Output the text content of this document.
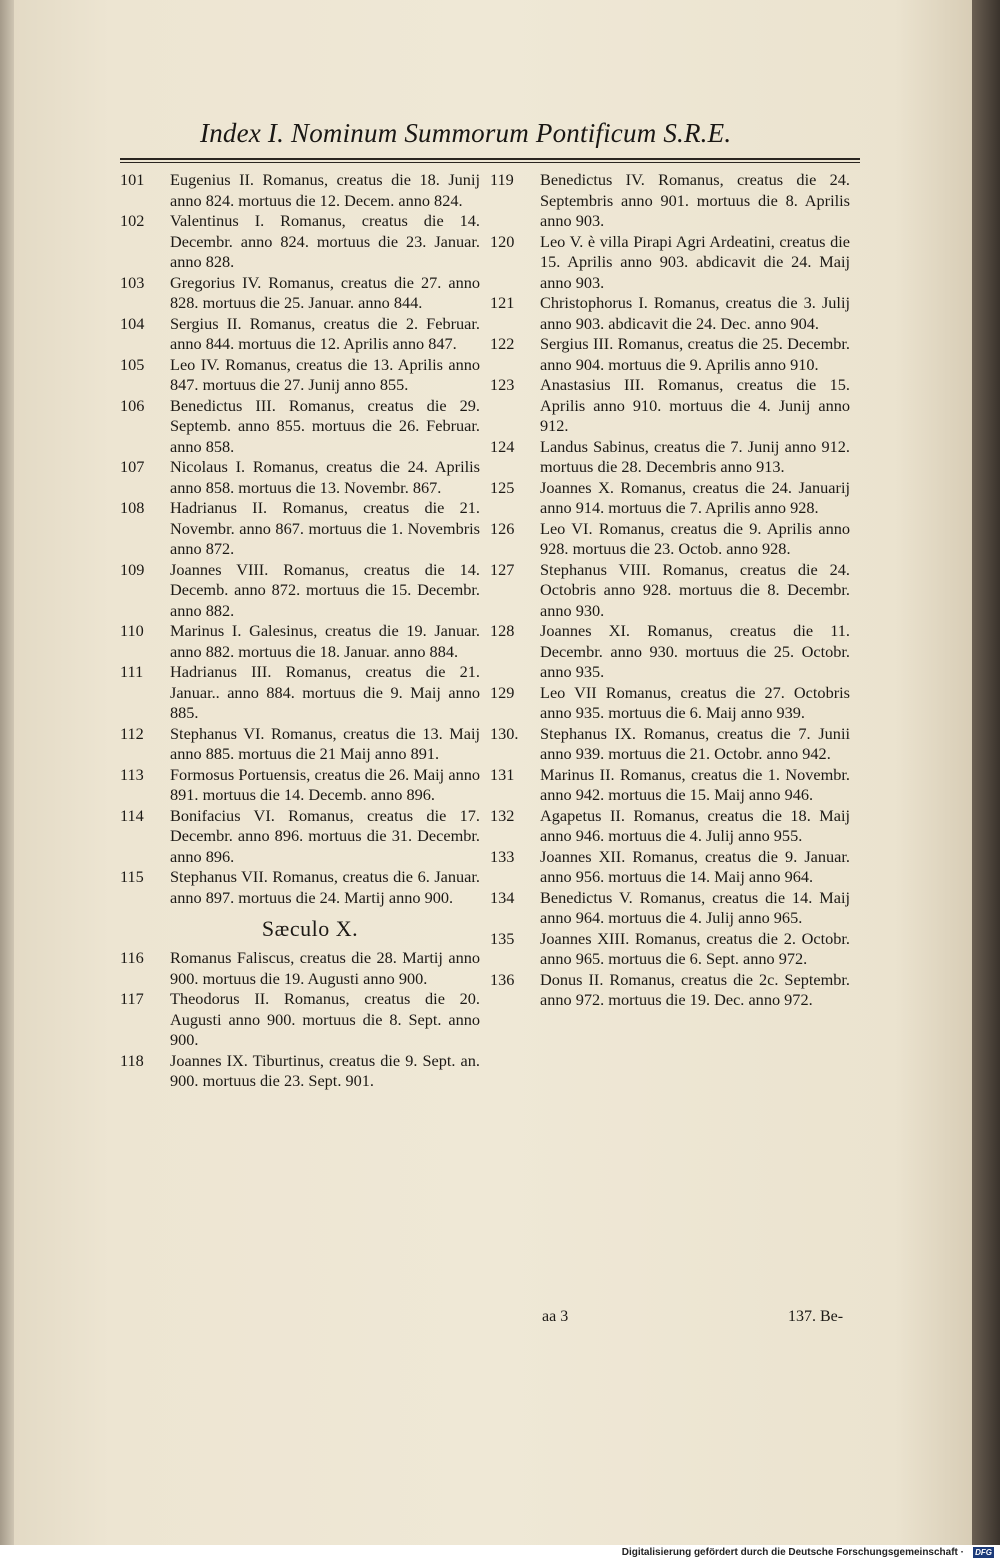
Index I. Nominum Summorum Pontificum S.R.E.
101	Eugenius II. Romanus, creatus die 18. Junij anno 824. mortuus die 12. Decem. anno 824.
102	Valentinus I. Romanus, creatus die 14. Decembr. anno 824. mortuus die 23. Januar. anno 828.
103	Gregorius IV. Romanus, creatus die 27. anno 828. mortuus die 25. Januar. anno 844.
104	Sergius II. Romanus, creatus die 2. Februar. anno 844. mortuus die 12. Aprilis anno 847.
105	Leo IV. Romanus, creatus die 13. Aprilis anno 847. mortuus die 27. Junij anno 855.
106	Benedictus III. Romanus, creatus die 29. Septemb. anno 855. mortuus die 26. Februar. anno 858.
107	Nicolaus I. Romanus, creatus die 24. Aprilis anno 858. mortuus die 13. Novembr. 867.
108	Hadrianus II. Romanus, creatus die 21. Novembr. anno 867. mortuus die 1. Novembris anno 872.
109	Joannes VIII. Romanus, creatus die 14. Decemb. anno 872. mortuus die 15. Decembr. anno 882.
110	Marinus I. Galesinus, creatus die 19. Januar. anno 882. mortuus die 18. Januar. anno 884.
111	Hadrianus III. Romanus, creatus die 21. Januar.. anno 884. mortuus die 9. Maij anno 885.
112	Stephanus VI. Romanus, creatus die 13. Maij anno 885. mortuus die 21 Maij anno 891.
113	Formosus Portuensis, creatus die 26. Maij anno 891. mortuus die 14. Decemb. anno 896.
114	Bonifacius VI. Romanus, creatus die 17. Decembr. anno 896. mortuus die 31. Decembr. anno 896.
115	Stephanus VII. Romanus, creatus die 6. Januar. anno 897. mortuus die 24. Martij anno 900.
Sæculo X.
116	Romanus Faliscus, creatus die 28. Martij anno 900. mortuus die 19. Augusti anno 900.
117	Theodorus II. Romanus, creatus die 20. Augusti anno 900. mortuus die 8. Sept. anno 900.
118	Joannes IX. Tiburtinus, creatus die 9. Sept. an. 900. mortuus die 23. Sept. 901.
119	Benedictus IV. Romanus, creatus die 24. Septembris anno 901. mortuus die 8. Aprilis anno 903.
120	Leo V. è villa Pirapi Agri Ardeatini, creatus die 15. Aprilis anno 903. abdicavit die 24. Maij anno 903.
121	Christophorus I. Romanus, creatus die 3. Julij anno 903. abdicavit die 24. Dec. anno 904.
122	Sergius III. Romanus, creatus die 25. Decembr. anno 904. mortuus die 9. Aprilis anno 910.
123	Anastasius III. Romanus, creatus die 15. Aprilis anno 910. mortuus die 4. Junij anno 912.
124	Landus Sabinus, creatus die 7. Junij anno 912. mortuus die 28. Decembris anno 913.
125	Joannes X. Romanus, creatus die 24. Januarij anno 914. mortuus die 7. Aprilis anno 928.
126	Leo VI. Romanus, creatus die 9. Aprilis anno 928. mortuus die 23. Octob. anno 928.
127	Stephanus VIII. Romanus, creatus die 24. Octobris anno 928. mortuus die 8. Decembr. anno 930.
128	Joannes XI. Romanus, creatus die 11. Decembr. anno 930. mortuus die 25. Octobr. anno 935.
129	Leo VII Romanus, creatus die 27. Octobris anno 935. mortuus die 6. Maij anno 939.
130.	Stephanus IX. Romanus, creatus die 7. Junii anno 939. mortuus die 21. Octobr. anno 942.
131	Marinus II. Romanus, creatus die 1. Novembr. anno 942. mortuus die 15. Maij anno 946.
132	Agapetus II. Romanus, creatus die 18. Maij anno 946. mortuus die 4. Julij anno 955.
133	Joannes XII. Romanus, creatus die 9. Januar. anno 956. mortuus die 14. Maij anno 964.
134	Benedictus V. Romanus, creatus die 14. Maij anno 964. mortuus die 4. Julij anno 965.
135	Joannes XIII. Romanus, creatus die 2. Octobr. anno 965. mortuus die 6. Sept. anno 972.
136	Donus II. Romanus, creatus die 2c. Septembr. anno 972. mortuus die 19. Dec. anno 972.
aa 3	137. Be-
Digitalisierung gefördert durch die Deutsche Forschungsgemeinschaft · DFG
